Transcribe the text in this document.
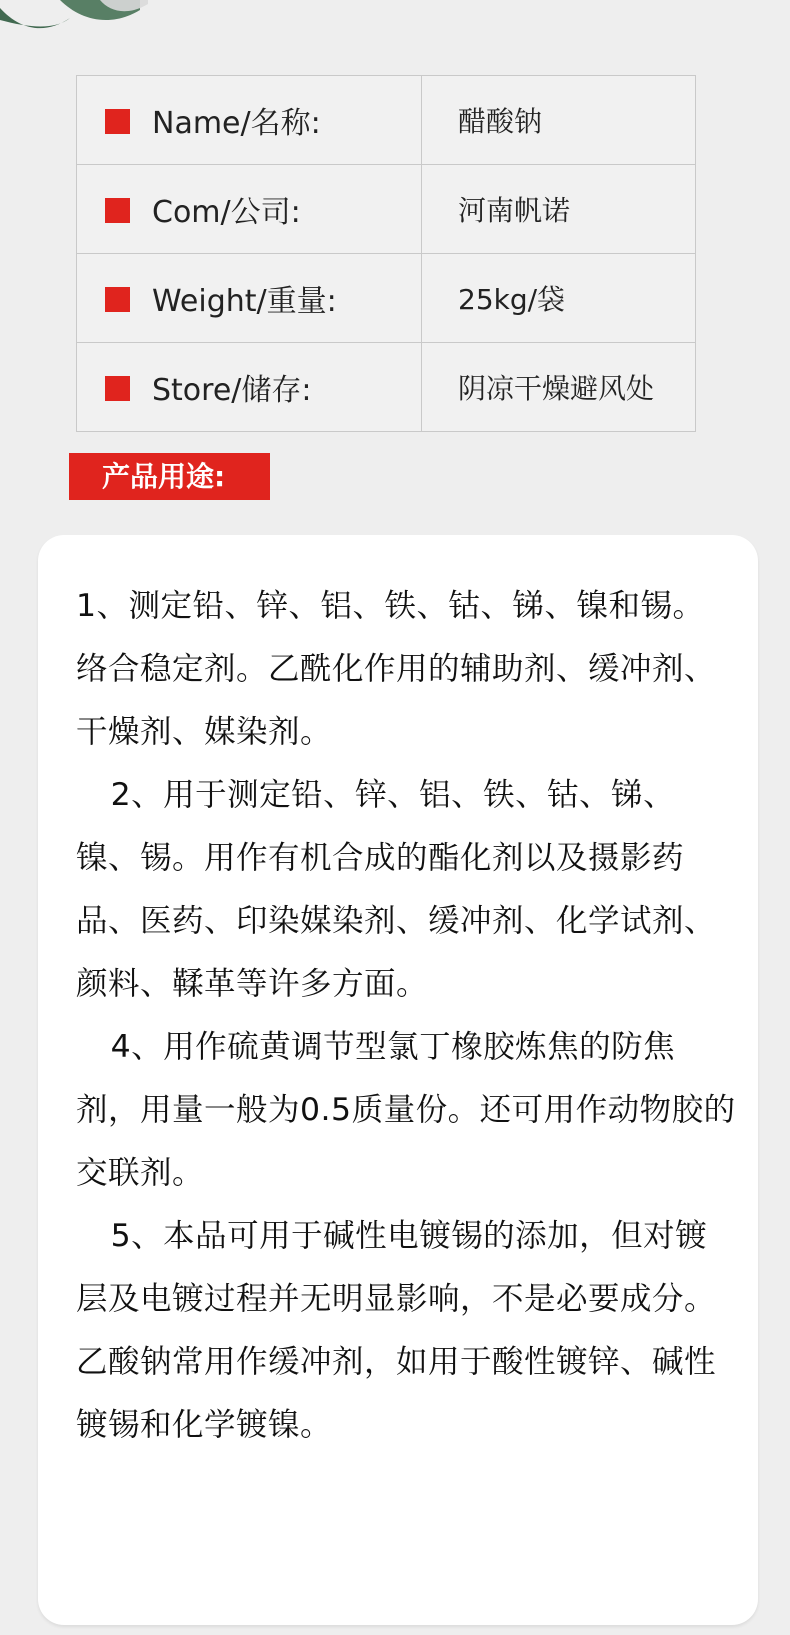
Name/名称:	醋酸钠
Com/公司:	河南帆诺
Weight/重量:	25kg/袋
Store/储存:	阴凉干燥避风处
产品用途:

1、测定铅、锌、铝、铁、钴、锑、镍和锡。络合稳定剂。乙酰化作用的辅助剂、缓冲剂、干燥剂、媒染剂。

2、用于测定铅、锌、铝、铁、钴、锑、镍、锡。用作有机合成的酯化剂以及摄影药品、医药、印染媒染剂、缓冲剂、化学试剂、颜料、鞣革等许多方面。

4、用作硫黄调节型氯丁橡胶炼焦的防焦剂，用量一般为0.5质量份。还可用作动物胶的交联剂。

5、本品可用于碱性电镀锡的添加，但对镀层及电镀过程并无明显影响，不是必要成分。乙酸钠常用作缓冲剂，如用于酸性镀锌、碱性镀锡和化学镀镍。
